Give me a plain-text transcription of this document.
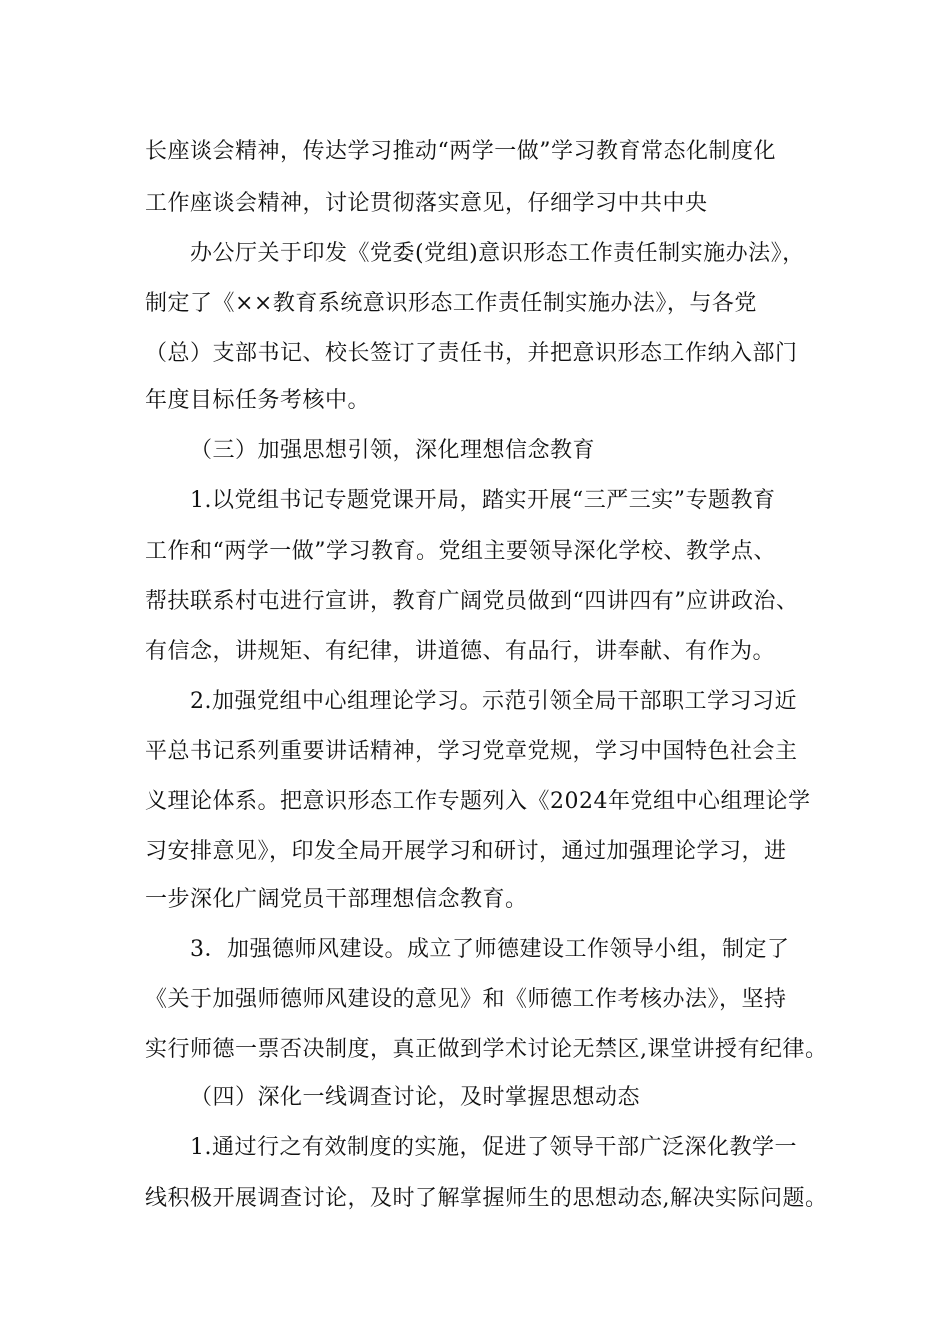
长座谈会精神，传达学习推动“两学一做”学习教育常态化制度化
工作座谈会精神，讨论贯彻落实意见，仔细学习中共中央
办公厅关于印发《党委(党组)意识形态工作责任制实施办法》，
制定了《××教育系统意识形态工作责任制实施办法》，与各党
（总）支部书记、校长签订了责任书，并把意识形态工作纳入部门
年度目标任务考核中。
（三）加强思想引领，深化理想信念教育
1.以党组书记专题党课开局，踏实开展“三严三实”专题教育
工作和“两学一做”学习教育。党组主要领导深化学校、教学点、
帮扶联系村屯进行宣讲，教育广阔党员做到“四讲四有”应讲政治、
有信念，讲规矩、有纪律，讲道德、有品行，讲奉献、有作为。
2.加强党组中心组理论学习。示范引领全局干部职工学习习近
平总书记系列重要讲话精神，学习党章党规，学习中国特色社会主
义理论体系。把意识形态工作专题列入《2024年党组中心组理论学
习安排意见》，印发全局开展学习和研讨，通过加强理论学习，进
一步深化广阔党员干部理想信念教育。
3．加强德师风建设。成立了师德建设工作领导小组，制定了
《关于加强师德师风建设的意见》和《师德工作考核办法》，坚持
实行师德一票否决制度，真正做到学术讨论无禁区,课堂讲授有纪律。
（四）深化一线调查讨论，及时掌握思想动态
1.通过行之有效制度的实施，促进了领导干部广泛深化教学一
线积极开展调查讨论，及时了解掌握师生的思想动态,解决实际问题。
